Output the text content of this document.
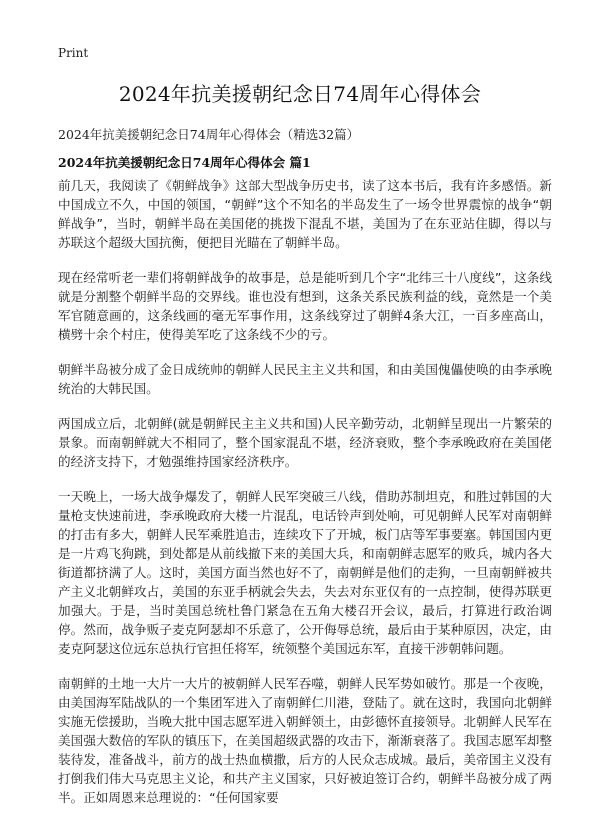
Print
2024年抗美援朝纪念日74周年心得体会
2024年抗美援朝纪念日74周年心得体会（精选32篇）
2024年抗美援朝纪念日74周年心得体会 篇1

前几天，我阅读了《朝鲜战争》这部大型战争历史书，读了这本书后，我有许多感悟。新中国成立不久，中国的领国，“朝鲜”这个不知名的半岛发生了一场令世界震惊的战争“朝鲜战争”，当时，朝鲜半岛在美国佬的挑拨下混乱不堪，美国为了在东亚站住脚，得以与苏联这个超级大国抗衡，便把目光瞄在了朝鲜半岛。

现在经常听老一辈们将朝鲜战争的故事是，总是能听到几个字“北纬三十八度线”，这条线就是分割整个朝鲜半岛的交界线。谁也没有想到，这条关系民族利益的线，竟然是一个美军官随意画的，这条线画的毫无军事作用，这条线穿过了朝鲜4条大江，一百多座高山，横劈十余个村庄，使得美军吃了这条线不少的亏。

朝鲜半岛被分成了金日成统帅的朝鲜人民民主主义共和国，和由美国傀儡使唤的由李承晚统治的大韩民国。

两国成立后，北朝鲜(就是朝鲜民主主义共和国)人民辛勤劳动，北朝鲜呈现出一片繁荣的景象。而南朝鲜就大不相同了，整个国家混乱不堪，经济衰败，整个李承晚政府在美国佬的经济支持下，才勉强维持国家经济秩序。

一天晚上，一场大战争爆发了，朝鲜人民军突破三八线，借助苏制坦克，和胜过韩国的大量枪支快速前进，李承晚政府大楼一片混乱，电话铃声到处响，可见朝鲜人民军对南朝鲜的打击有多大，朝鲜人民军乘胜追击，连续攻下了开城，板门店等军事要塞。韩国国内更是一片鸡飞狗跳，到处都是从前线撤下来的美国大兵，和南朝鲜志愿军的败兵，城内各大街道都挤满了人。这时，美国方面当然也好不了，南朝鲜是他们的走狗，一旦南朝鲜被共产主义北朝鲜攻占，美国的东亚手柄就会失去，失去对东亚仅有的一点控制，使得苏联更加强大。于是，当时美国总统杜鲁门紧急在五角大楼召开会议，最后，打算进行政治调停。然而，战争贩子麦克阿瑟却不乐意了，公开侮辱总统，最后由于某种原因，决定，由麦克阿瑟这位远东总执行官担任将军，统领整个美国远东军，直接干涉朝韩问题。

南朝鲜的土地一大片一大片的被朝鲜人民军吞噬，朝鲜人民军势如破竹。那是一个夜晚，由美国海军陆战队的一个集团军进入了南朝鲜仁川港，登陆了。就在这时，我国向北朝鲜实施无偿援助，当晚大批中国志愿军进入朝鲜领土，由彭德怀直接领导。北朝鲜人民军在美国强大数倍的军队的镇压下，在美国超级武器的攻击下，渐渐衰落了。我国志愿军却整装待发，准备战斗，前方的战士热血横撒，后方的人民众志成城。最后，美帝国主义没有打倒我们伟大马克思主义论，和共产主义国家，只好被迫签订合约，朝鲜半岛被分成了两半。正如周恩来总理说的：“任何国家要
